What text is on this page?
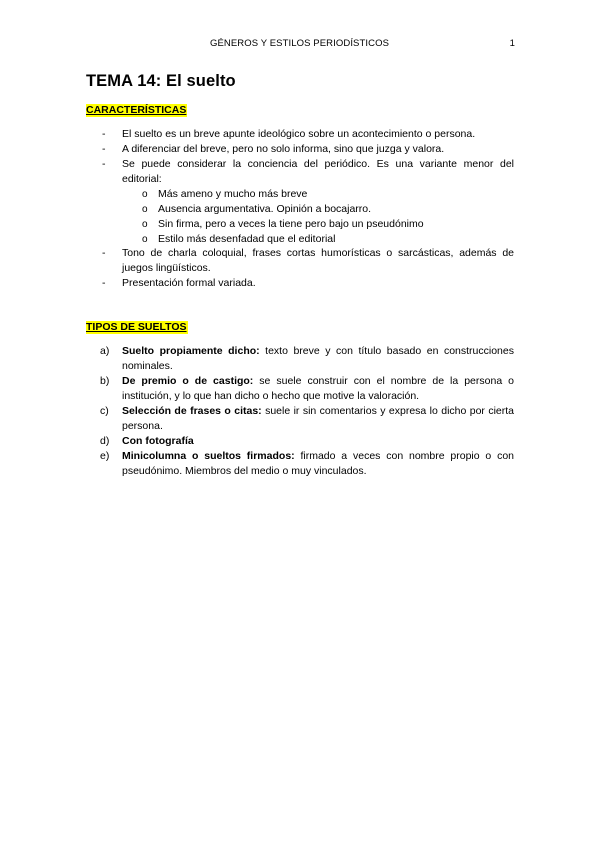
GÉNEROS Y ESTILOS PERIODÍSTICOS	1
TEMA 14: El suelto
CARACTERÍSTICAS
- El suelto es un breve apunte ideológico sobre un acontecimiento o persona.
- A diferenciar del breve, pero no solo informa, sino que juzga y valora.
- Se puede considerar la conciencia del periódico. Es una variante menor del
editorial:
o Más ameno y mucho más breve
o Ausencia argumentativa. Opinión a bocajarro.
o Sin firma, pero a veces la tiene pero bajo un pseudónimo
o Estilo más desenfadad que el editorial
- Tono de charla coloquial, frases cortas humorísticas o sarcásticas, además de
juegos lingüísticos.
- Presentación formal variada.
TIPOS DE SUELTOS
a) Suelto propiamente dicho: texto breve y con título basado en construcciones
nominales.
b) De premio o de castigo: se suele construir con el nombre de la persona o
institución, y lo que han dicho o hecho que motive la valoración.
c) Selección de frases o citas: suele ir sin comentarios y expresa lo dicho por cierta
persona.
d) Con fotografía
e) Minicolumna o sueltos firmados: firmado a veces con nombre propio o con
pseudónimo. Miembros del medio o muy vinculados.
